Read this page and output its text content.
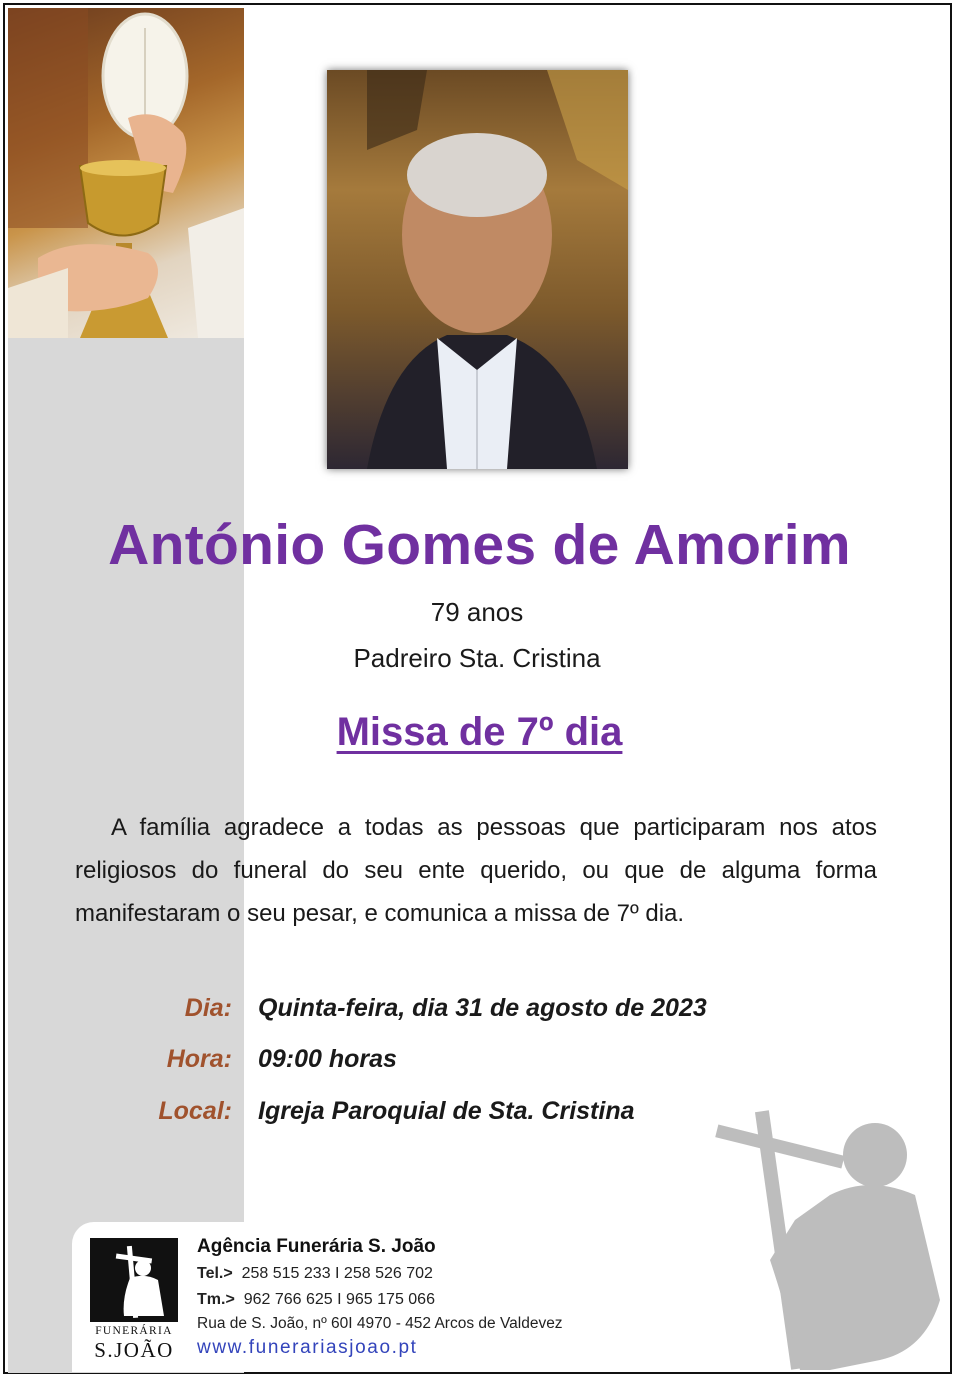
António Gomes de Amorim
79 anos
Padreiro Sta. Cristina
Missa de 7º dia
A família agradece a todas as pessoas que participaram nos atos religiosos do funeral do seu ente querido, ou que de alguma forma manifestaram o seu pesar, e comunica a missa de 7º dia.
Dia: Quinta-feira, dia 31 de agosto de 2023
Hora: 09:00 horas
Local: Igreja Paroquial de Sta. Cristina
FUNERÁRIA
S.JOÃO
Agência Funerária S. João
Tel.> 258 515 233 I 258 526 702
Tm.> 962 766 625 I 965 175 066
Rua de S. João, nº 60I 4970 - 452 Arcos de Valdevez
www.funerariasjoao.pt
